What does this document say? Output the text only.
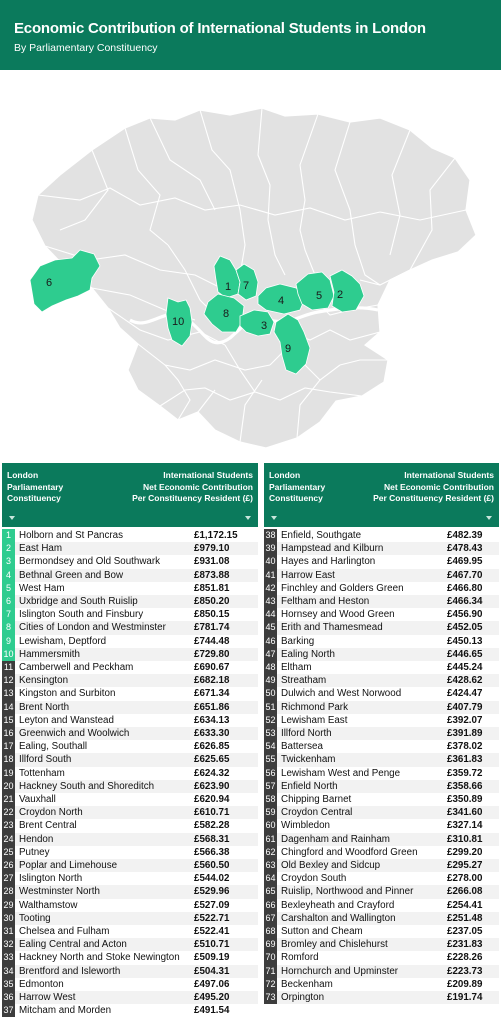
Economic Contribution of International Students in London
By Parliamentary Constituency
1
2
3
4	5
6	7
8
9
10
London
Parliamentary
Constituency
International Students
Net Economic Contribution
Per Constituency Resident (£)
London
Parliamentary
Constituency
International Students
Net Economic Contribution
Per Constituency Resident (£)
1 Holborn and St Pancras	£1,172.15
2 East Ham	£979.10
3 Bermondsey and Old Southwark	£931.08
4 Bethnal Green and Bow	£873.88
5 West Ham	£851.81
6 Uxbridge and South Ruislip	£850.20
7 Islington South and Finsbury	£850.15
8 Cities of London and Westminster	£781.74
9 Lewisham, Deptford	£744.48
10 Hammersmith	£729.80
11 Camberwell and Peckham	£690.67
12 Kensington	£682.18
13 Kingston and Surbiton	£671.34
14 Brent North	£651.86
15 Leyton and Wanstead	£634.13
16 Greenwich and Woolwich	£633.30
17 Ealing, Southall	£626.85
18 Illford South	£625.65
19 Tottenham	£624.32
20 Hackney South and Shoreditch	£623.90
21 Vauxhall	£620.94
22 Croydon North	£610.71
23 Brent Central	£582.28
24 Hendon	£568.31
25 Putney	£566.38
26 Poplar and Limehouse	£560.50
27 Islington North	£544.02
28 Westminster North	£529.96
29 Walthamstow	£527.09
30 Tooting	£522.71
31 Chelsea and Fulham	£522.41
32 Ealing Central and Acton	£510.71
33 Hackney North and Stoke Newington £509.19
34 Brentford and Isleworth	£504.31
35 Edmonton	£497.06
36 Harrow West	£495.20
37 Mitcham and Morden	£491.54
38 Enfield, Southgate	£482.39
39 Hampstead and Kilburn	£478.43
40 Hayes and Harlington	£469.95
41 Harrow East	£467.70
42 Finchley and Golders Green	£466.80
43 Feltham and Heston	£466.34
44 Hornsey and Wood Green	£456.90
45 Erith and Thamesmead	£452.05
46 Barking	£450.13
47 Ealing North	£446.65
48 Eltham	£445.24
49 Streatham	£428.62
50 Dulwich and West Norwood	£424.47
51 Richmond Park	£407.79
52 Lewisham East	£392.07
53 Illford North	£391.89
54 Battersea	£378.02
55 Twickenham	£361.83
56 Lewisham West and Penge	£359.72
57 Enfield North	£358.66
58 Chipping Barnet	£350.89
59 Croydon Central	£341.60
60 Wimbledon	£327.14
61 Dagenham and Rainham	£310.81
62 Chingford and Woodford Green	£299.20
63 Old Bexley and Sidcup	£295.27
64 Croydon South	£278.00
65 Ruislip, Northwood and Pinner	£266.08
66 Bexleyheath and Crayford	£254.41
67 Carshalton and Wallington	£251.48
68 Sutton and Cheam	£237.05
69 Bromley and Chislehurst	£231.83
70 Romford	£228.26
71 Hornchurch and Upminster	£223.73
72 Beckenham	£209.89
73 Orpington	£191.74
